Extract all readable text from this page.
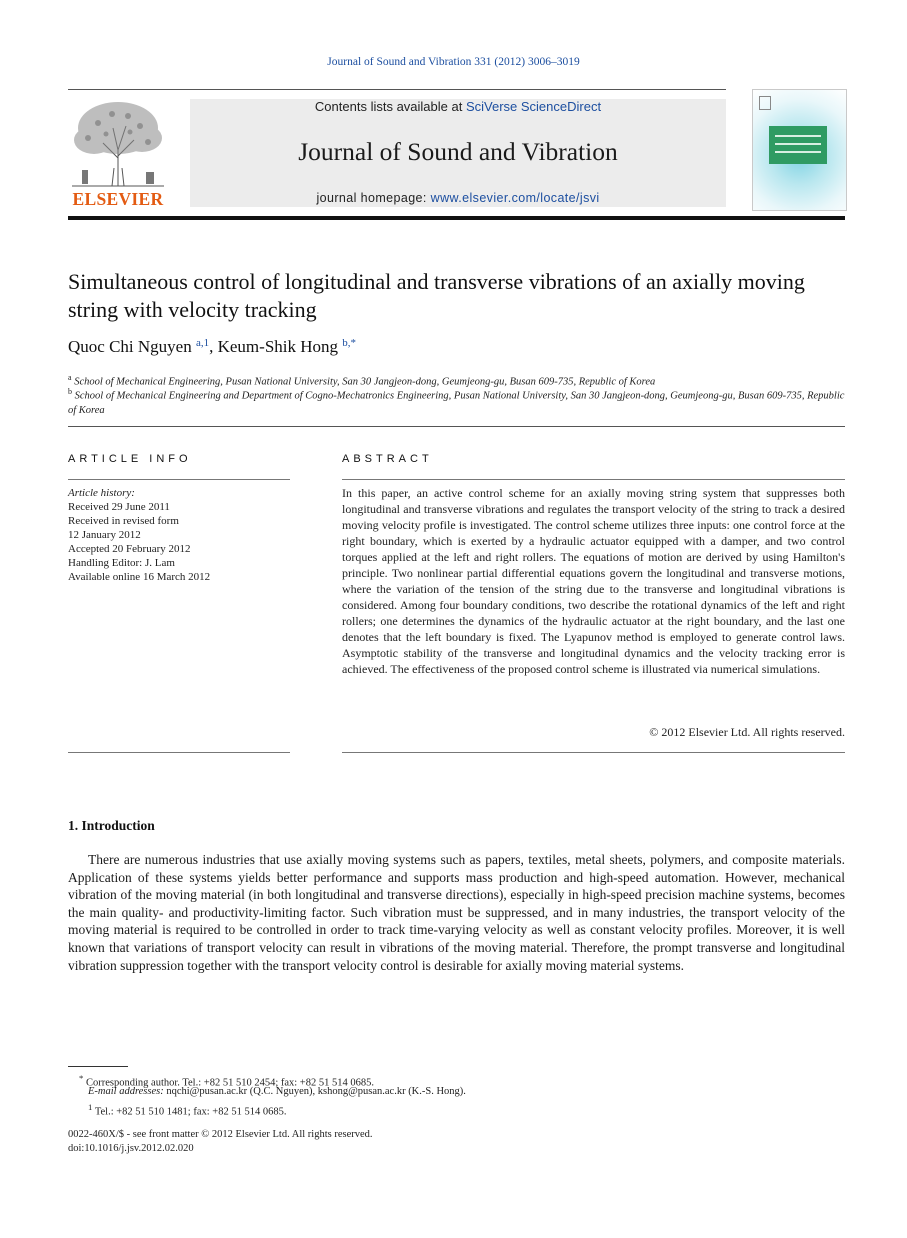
Journal of Sound and Vibration 331 (2012) 3006–3019
ELSEVIER
Contents lists available at SciVerse ScienceDirect
Journal of Sound and Vibration
journal homepage: www.elsevier.com/locate/jsvi
Simultaneous control of longitudinal and transverse vibrations of an axially moving string with velocity tracking
Quoc Chi Nguyen $^{a,1}$, Keum-Shik Hong $^{b,*}$
$^a$ School of Mechanical Engineering, Pusan National University, San 30 Jangjeon-dong, Geumjeong-gu, Busan 609-735, Republic of Korea
$^b$ School of Mechanical Engineering and Department of Cogno-Mechatronics Engineering, Pusan National University, San 30 Jangjeon-dong, Geumjeong-gu, Busan 609-735, Republic of Korea
ARTICLE INFO
Article history:
Received 29 June 2011
Received in revised form
12 January 2012
Accepted 20 February 2012
Handling Editor: J. Lam
Available online 16 March 2012
ABSTRACT
In this paper, an active control scheme for an axially moving string system that suppresses both longitudinal and transverse vibrations and regulates the transport velocity of the string to track a desired moving velocity profile is investigated. The control scheme utilizes three inputs: one control force at the right boundary, which is exerted by a hydraulic actuator equipped with a damper, and two control torques applied at the left and right rollers. The equations of motion are derived by using Hamilton's principle. Two nonlinear partial differential equations govern the longitudinal and transverse motions, where the variation of the tension of the string due to the transverse and longitudinal vibrations is considered. Among four boundary conditions, two describe the rotational dynamics of the left and right rollers; one determines the dynamics of the hydraulic actuator at the right boundary, and the last one denotes that the left boundary is fixed. The Lyapunov method is employed to generate control laws. Asymptotic stability of the transverse and longitudinal dynamics and the velocity tracking error is achieved. The effectiveness of the proposed control scheme is illustrated via numerical simulations.
© 2012 Elsevier Ltd. All rights reserved.
1. Introduction
There are numerous industries that use axially moving systems such as papers, textiles, metal sheets, polymers, and composite materials. Application of these systems yields better performance and supports mass production and high-speed automation. However, mechanical vibration of the moving material (in both longitudinal and transverse directions), especially in high-speed precision machine systems, becomes the main quality- and productivity-limiting factor. Such vibration must be suppressed, and in many industries, the transport velocity of the moving material is required to be controlled in order to track time-varying velocity as well as constant velocity profiles. Moreover, it is well known that variations of transport velocity can result in vibrations of the moving material. Therefore, the prompt transverse and longitudinal vibration suppression together with the transport velocity control is desirable for axially moving material systems.
* Corresponding author. Tel.: +82 51 510 2454; fax: +82 51 514 0685.
E-mail addresses: nqchi@pusan.ac.kr (Q.C. Nguyen), kshong@pusan.ac.kr (K.-S. Hong).
$^1$ Tel.: +82 51 510 1481; fax: +82 51 514 0685.
0022-460X/$ - see front matter © 2012 Elsevier Ltd. All rights reserved.
doi:10.1016/j.jsv.2012.02.020
